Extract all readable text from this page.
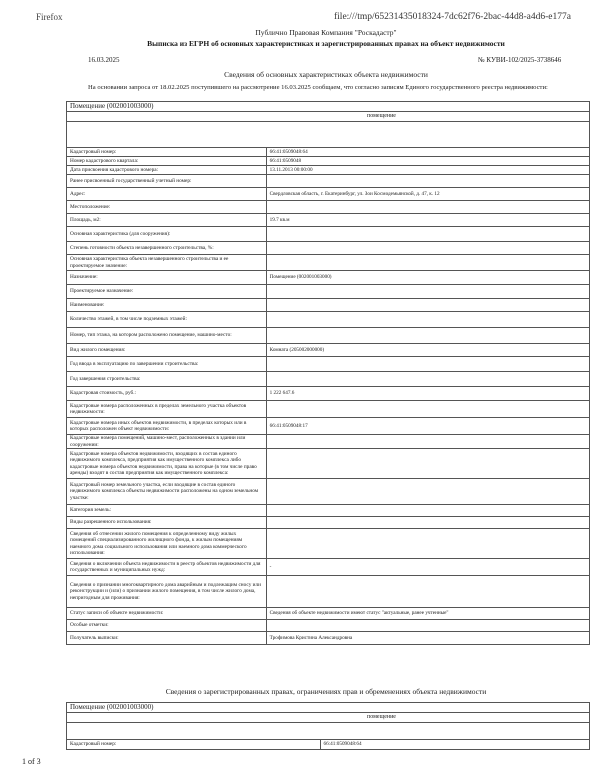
Firefox	file:///tmp/65231435018324-7dc62f76-2bac-44d8-a4d6-e177a
Публично Правовая Компания "Роскадастр"
Выписка из ЕГРН об основных характеристиках и зарегистрированных правах на объект недвижимости
16.03.2025	№ КУВИ-102/2025-3738646
Сведения об основных характеристиках объекта недвижимости
На основании запроса от 18.02.2025 поступившего на рассмотрение 16.03.2025 сообщаем, что согласно записям Единого государственного реестра недвижимости:
Помещение (002001003000)	
помещение	

Кадастровый номер:	66:41:0509048:64
Номер кадастрового квартала:	66:41:0509048
Дата присвоения кадастрового номера:	13.11.2013 00:00:00
Ранее присвоенный государственный учетный номер:	
Адрес:	Свердловская область, г. Екатеринбург, ул. Зои Космодемьянской, д. 47, к. 12
Местоположение:	
Площадь, м2:	19.7 кв.м
Основная характеристика (для сооружения):	
Степень готовности объекта незавершенного строительства, %:	
Основная характеристика объекта незавершенного строительства и ее проектируемое значение:	
Назначение:	Помещение (002001003000)
Проектируемое назначение:	
Наименование:	
Количество этажей, в том числе подземных этажей:	
Номер, тип этажа, на котором расположено помещение, машино-место:	
Вид жилого помещения:	Комната (205002000000)
Год ввода в эксплуатацию по завершении строительства:	
Год завершения строительства:	
Кадастровая стоимость, руб.:	1 222 647.6
Кадастровые номера расположенных в пределах земельного участка объектов недвижимости:	
Кадастровые номера иных объектов недвижимости, в пределах которых или в которых расположен объект недвижимости:	66:41:0509048:17
Кадастровые номера помещений, машино-мест, расположенных в здании или сооружении:	
Кадастровые номера объектов недвижимости, входящих в состав единого недвижимого комплекса, предприятия как имущественного комплекса либо кадастровые номера объектов недвижимости, права на которые (в том числе право аренды) входят в состав предприятия как имущественного комплекса:	
Кадастровый номер земельного участка, если входящие в состав единого недвижимого комплекса объекты недвижимости расположены на одном земельном участке:	
Категория земель:	
Виды разрешенного использования:	
Сведения об отнесении жилого помещения к определенному виду жилых помещений специализированного жилищного фонда, к жилым помещениям наемного дома социального использования или наемного дома коммерческого использования:	
Сведения о включении объекта недвижимости в реестр объектов недвижимости для государственных и муниципальных нужд:	-
Сведения о признании многоквартирного дома аварийным и подлежащим сносу или реконструкции и (или) о признании жилого помещения, в том числе жилого дома, непригодным для проживания:	
Статус записи об объекте недвижимости:	Сведения об объекте недвижимости имеют статус "актуальные, ранее учтенные"
Особые отметки:	
Получатель выписки:	Трофимова Кристина Александровна
Сведения о зарегистрированных правах, ограничениях прав и обременениях объекта недвижимости
Помещение (002001003000)
помещение

Кадастровый номер:	66:41:0509048:64
1 of 3
